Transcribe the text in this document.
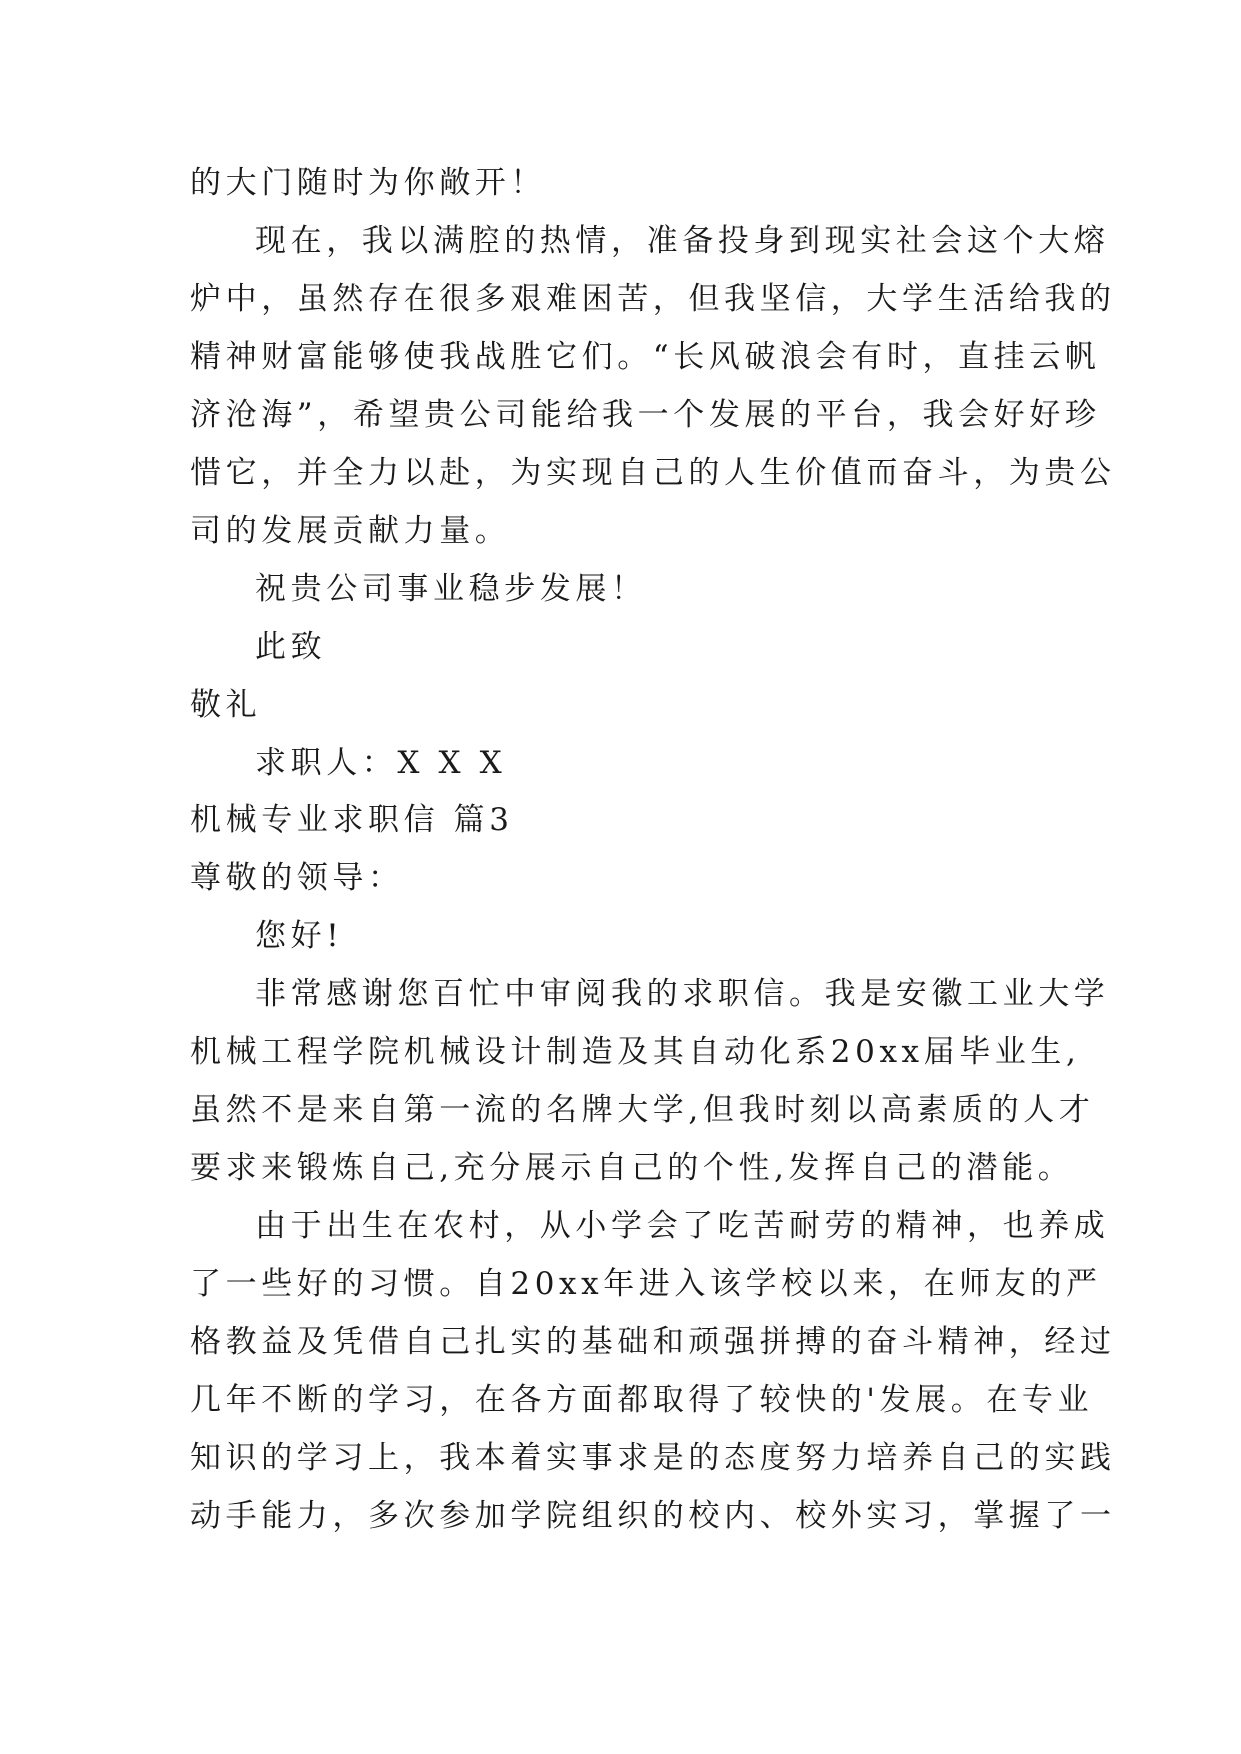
的大门随时为你敞开！
现在，我以满腔的热情，准备投身到现实社会这个大熔
炉中，虽然存在很多艰难困苦，但我坚信，大学生活给我的
精神财富能够使我战胜它们。“长风破浪会有时，直挂云帆
济沧海”，希望贵公司能给我一个发展的平台，我会好好珍
惜它，并全力以赴，为实现自己的人生价值而奋斗，为贵公
司的发展贡献力量。
祝贵公司事业稳步发展！
此致
敬礼
求职人：X X X
机械专业求职信 篇3
尊敬的领导：
您好!
非常感谢您百忙中审阅我的求职信。我是安徽工业大学
机械工程学院机械设计制造及其自动化系20xx届毕业生,
虽然不是来自第一流的名牌大学,但我时刻以高素质的人才
要求来锻炼自己,充分展示自己的个性,发挥自己的潜能。
由于出生在农村，从小学会了吃苦耐劳的精神，也养成
了一些好的习惯。自20xx年进入该学校以来，在师友的严
格教益及凭借自己扎实的基础和顽强拼搏的奋斗精神，经过
几年不断的学习，在各方面都取得了较快的'发展。在专业
知识的学习上，我本着实事求是的态度努力培养自己的实践
动手能力，多次参加学院组织的校内、校外实习，掌握了一
